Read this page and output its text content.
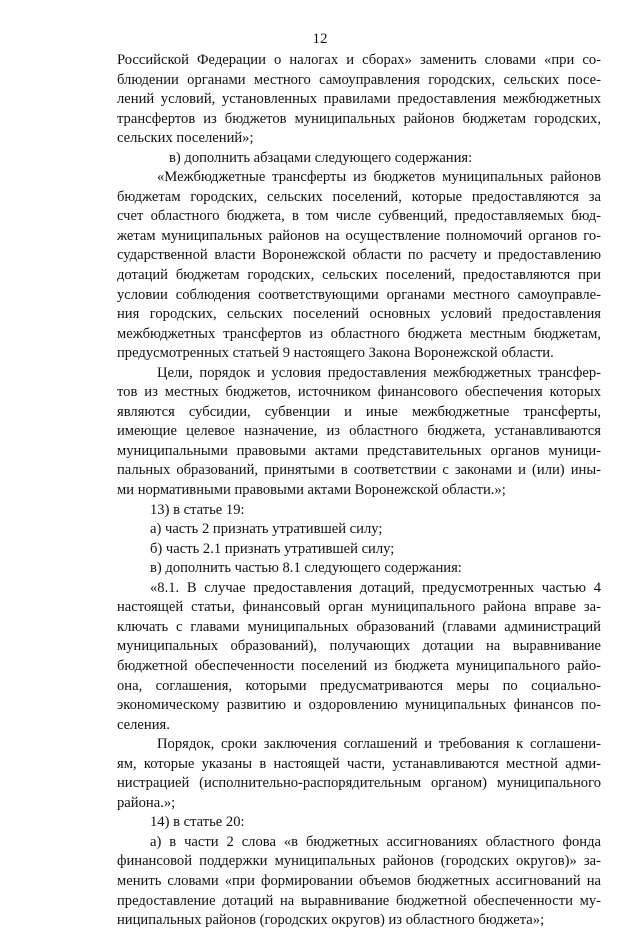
12

Российской Федерации о налогах и сборах» заменить словами «при со-

блюдении органами местного самоуправления городских, сельских посе-

лений условий, установленных правилами предоставления межбюджетных

трансфертов из бюджетов муниципальных районов бюджетам городских,

сельских поселений»;

в) дополнить абзацами следующего содержания:

«Межбюджетные трансферты из бюджетов муниципальных районов

бюджетам городских, сельских поселений, которые предоставляются за

счет областного бюджета, в том числе субвенций, предоставляемых бюд-

жетам муниципальных районов на осуществление полномочий органов го-

сударственной власти Воронежской области по расчету и предоставлению

дотаций бюджетам городских, сельских поселений, предоставляются при

условии соблюдения соответствующими органами местного самоуправле-

ния городских, сельских поселений основных условий предоставления

межбюджетных трансфертов из областного бюджета местным бюджетам,

предусмотренных статьей 9 настоящего Закона Воронежской области.

Цели, порядок и условия предоставления межбюджетных трансфер-

тов из местных бюджетов, источником финансового обеспечения которых

являются субсидии, субвенции и иные межбюджетные трансферты,

имеющие целевое назначение, из областного бюджета, устанавливаются

муниципальными правовыми актами представительных органов муници-

пальных образований, принятыми в соответствии с законами и (или) ины-

ми нормативными правовыми актами Воронежской области.»;

13) в статье 19:

а) часть 2 признать утратившей силу;

б) часть 2.1 признать утратившей силу;

в) дополнить частью 8.1 следующего содержания:

«8.1. В случае предоставления дотаций, предусмотренных частью 4

настоящей статьи, финансовый орган муниципального района вправе за-

ключать с главами муниципальных образований (главами администраций

муниципальных образований), получающих дотации на выравнивание

бюджетной обеспеченности поселений из бюджета муниципального райо-

она, соглашения, которыми предусматриваются меры по социально-

экономическому развитию и оздоровлению муниципальных финансов по-

селения.

Порядок, сроки заключения соглашений и требования к соглашени-

ям, которые указаны в настоящей части, устанавливаются местной адми-

нистрацией (исполнительно-распорядительным органом) муниципального

района.»;

14) в статье 20:

а) в части 2 слова «в бюджетных ассигнованиях областного фонда

финансовой поддержки муниципальных районов (городских округов)» за-

менить словами «при формировании объемов бюджетных ассигнований на

предоставление дотаций на выравнивание бюджетной обеспеченности му-

ниципальных районов (городских округов) из областного бюджета»;
